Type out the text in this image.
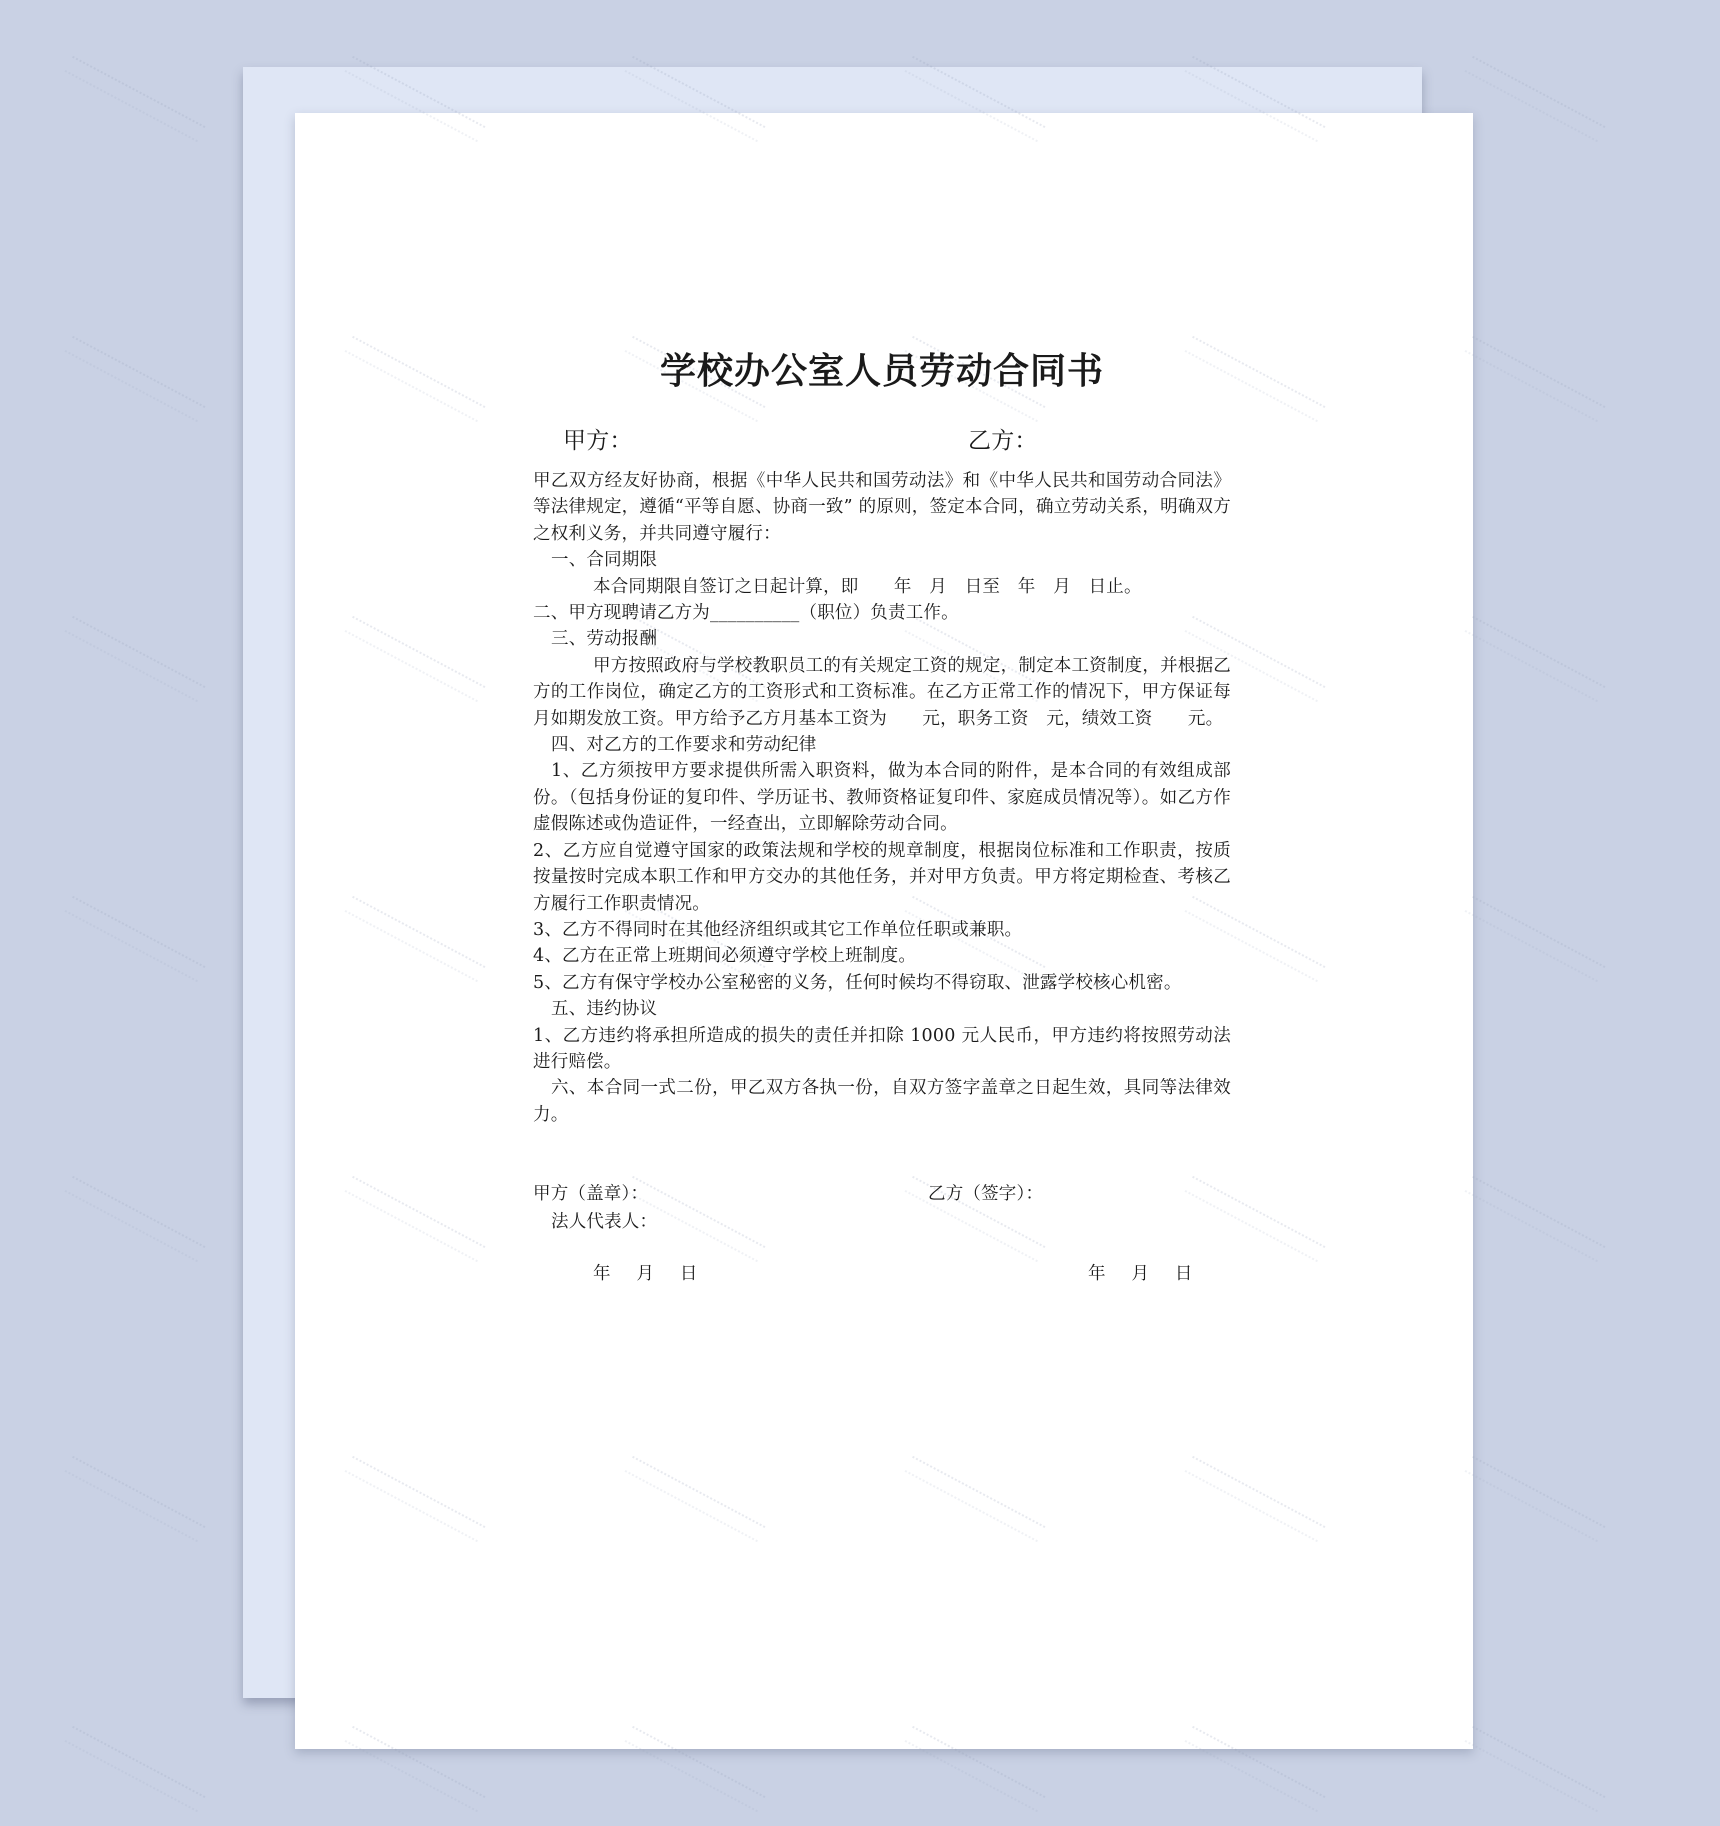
学校办公室人员劳动合同书

甲方：	乙方：

甲乙双方经友好协商，根据《中华人民共和国劳动法》和《中华人民共和国劳动合同法》等法律规定，遵循“平等自愿、协商一致” 的原则，签定本合同，确立劳动关系，明确双方之权利义务，并共同遵守履行：

一、合同期限

本合同期限自签订之日起计算，即　　年　月　日至　年　月　日止。

二、甲方现聘请乙方为__________（职位）负责工作。

三、劳动报酬

甲方按照政府与学校教职员工的有关规定工资的规定，制定本工资制度，并根据乙方的工作岗位，确定乙方的工资形式和工资标准。在乙方正常工作的情况下，甲方保证每月如期发放工资。甲方给予乙方月基本工资为　　元，职务工资　元，绩效工资　　元。

四、对乙方的工作要求和劳动纪律

1、乙方须按甲方要求提供所需入职资料，做为本合同的附件，是本合同的有效组成部份。（包括身份证的复印件、学历证书、教师资格证复印件、家庭成员情况等）。如乙方作虚假陈述或伪造证件，一经查出，立即解除劳动合同。

2、乙方应自觉遵守国家的政策法规和学校的规章制度，根据岗位标准和工作职责，按质按量按时完成本职工作和甲方交办的其他任务，并对甲方负责。甲方将定期检查、考核乙方履行工作职责情况。

3、乙方不得同时在其他经济组织或其它工作单位任职或兼职。

4、乙方在正常上班期间必须遵守学校上班制度。

5、乙方有保守学校办公室秘密的义务，任何时候均不得窃取、泄露学校核心机密。

五、违约协议

1、乙方违约将承担所造成的损失的责任并扣除 1000 元人民币，甲方违约将按照劳动法进行赔偿。

六、本合同一式二份，甲乙双方各执一份，自双方签字盖章之日起生效，具同等法律效力。

甲方（盖章）：	乙方（签字）：

法人代表人：

年 月 日	年 月 日
